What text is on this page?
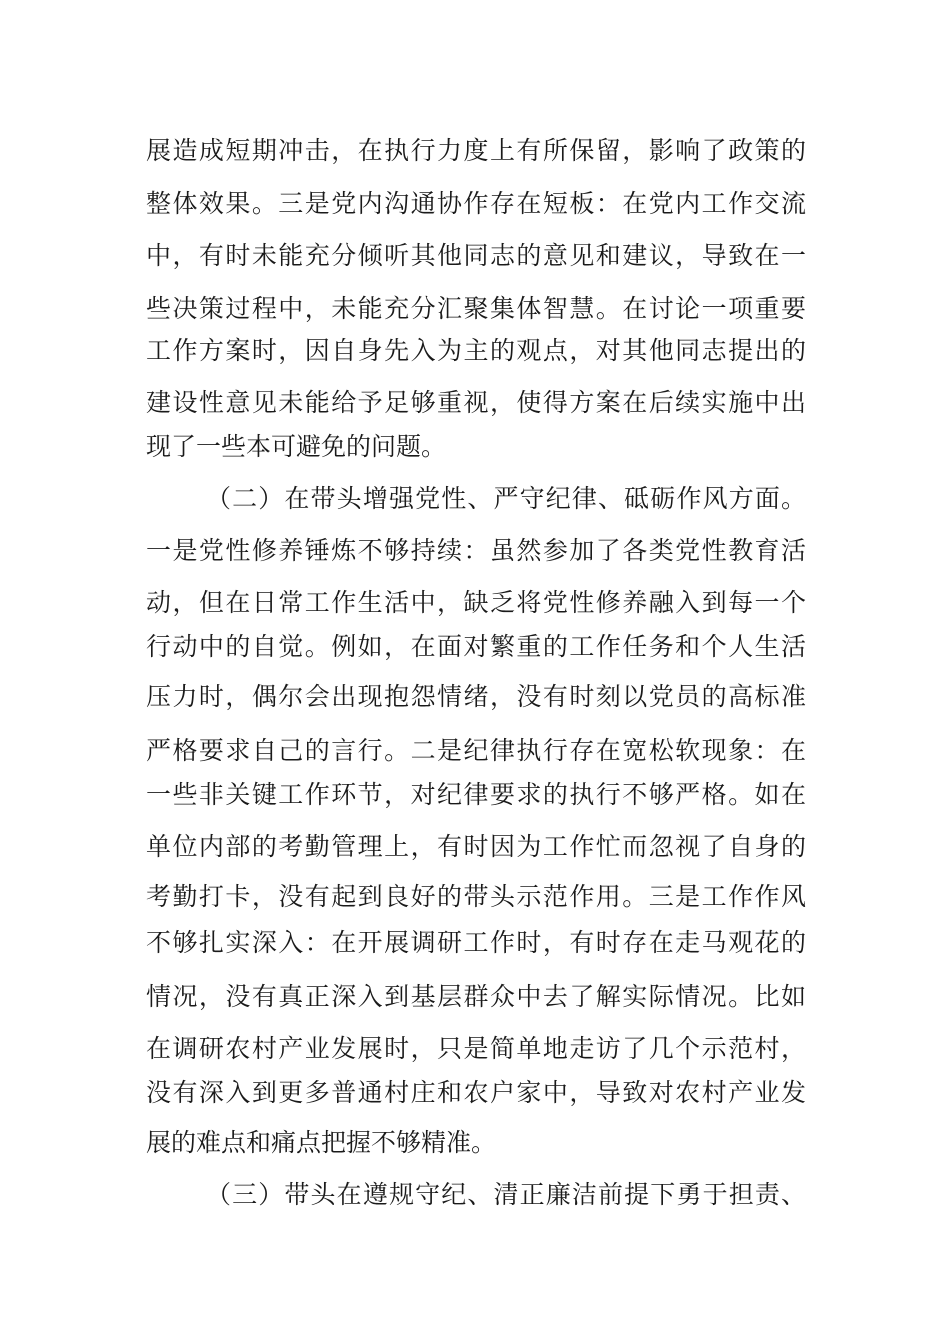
展造成短期冲击，在执行力度上有所保留，影响了政策的
整体效果。三是党内沟通协作存在短板：在党内工作交流
中，有时未能充分倾听其他同志的意见和建议，导致在一
些决策过程中，未能充分汇聚集体智慧。在讨论一项重要
工作方案时，因自身先入为主的观点，对其他同志提出的
建设性意见未能给予足够重视，使得方案在后续实施中出
现了一些本可避免的问题。
（二）在带头增强党性、严守纪律、砥砺作风方面。
一是党性修养锤炼不够持续：虽然参加了各类党性教育活
动，但在日常工作生活中，缺乏将党性修养融入到每一个
行动中的自觉。例如，在面对繁重的工作任务和个人生活
压力时，偶尔会出现抱怨情绪，没有时刻以党员的高标准
严格要求自己的言行。二是纪律执行存在宽松软现象：在
一些非关键工作环节，对纪律要求的执行不够严格。如在
单位内部的考勤管理上，有时因为工作忙而忽视了自身的
考勤打卡，没有起到良好的带头示范作用。三是工作作风
不够扎实深入：在开展调研工作时，有时存在走马观花的
情况，没有真正深入到基层群众中去了解实际情况。比如
在调研农村产业发展时，只是简单地走访了几个示范村，
没有深入到更多普通村庄和农户家中，导致对农村产业发
展的难点和痛点把握不够精准。
（三）带头在遵规守纪、清正廉洁前提下勇于担责、
